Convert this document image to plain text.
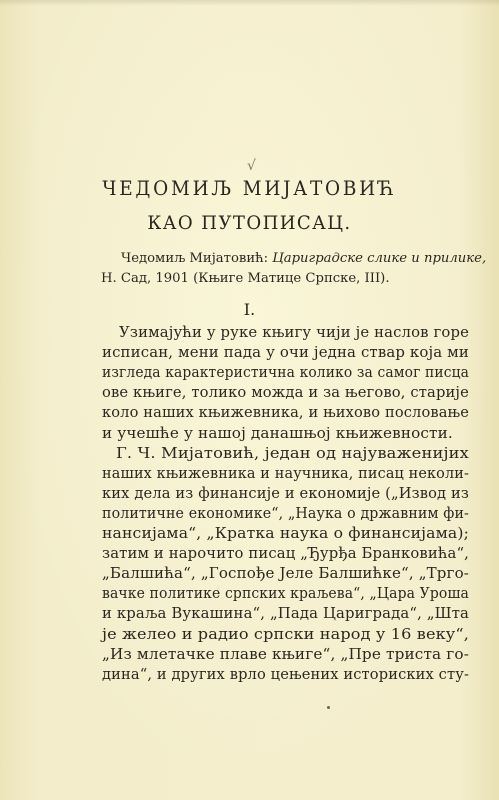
√
ЧЕДОМИЉ МИЈАТОВИЋ
КАО ПУТОПИСАЦ.
Чедомиљ Мијатовић: Цариградске слике и прилике,
Н. Сад, 1901 (Књиге Матице Српске, III).
I.
Узимајући у руке књигу чији је наслов горе
исписан, мени пада у очи једна ствар која ми
изгледа карактеристична колико за самог писца
ове књиге, толико можда и за његово, старије
коло наших књижевника, и њихово пословање
и учешће у нашој данашњој књижевности.
Г. Ч. Мијатовић, један од најуваженијих
наших књижевника и научника, писац неколи-
ких дела из финансије и економије („Извод из
политичне економике“, „Наука о државним фи-
нансијама“, „Кратка наука о финансијама);
затим и нарочито писац „Ђурђа Бранковића“,
„Балшића“, „Госпође Јеле Балшићке“, „Трго-
вачке политике српских краљева“, „Цара Уроша
и краља Вукашина“, „Пада Цариграда“, „Шта
је желео и радио српски народ у 16 веку“,
„Из млетачке плаве књиге“, „Пре триста го-
дина“, и других врло цењених историских сту-
